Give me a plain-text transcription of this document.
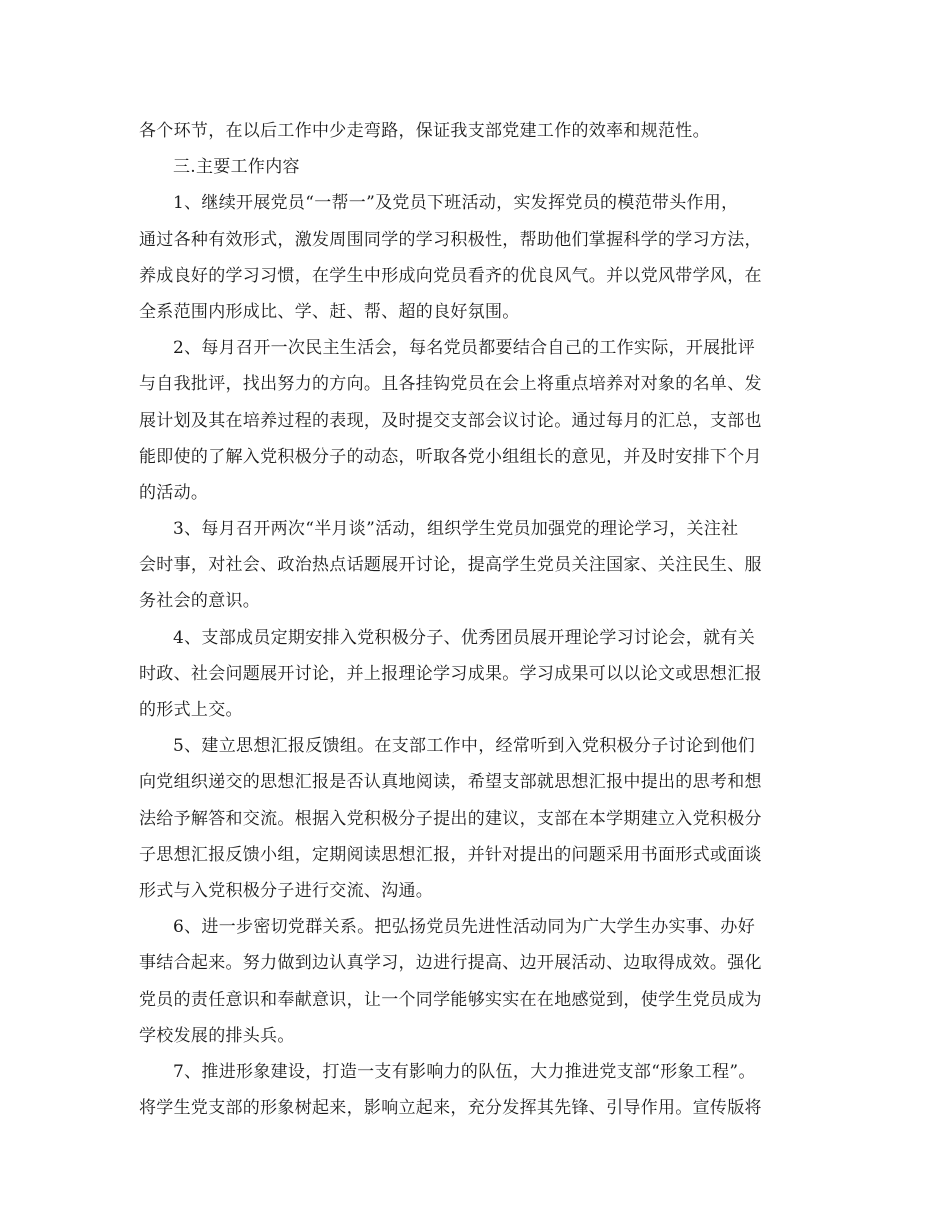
各个环节，在以后工作中少走弯路，保证我支部党建工作的效率和规范性。
三.主要工作内容
1、继续开展党员“一帮一”及党员下班活动，实发挥党员的模范带头作用，
通过各种有效形式，激发周围同学的学习积极性，帮助他们掌握科学的学习方法，
养成良好的学习习惯，在学生中形成向党员看齐的优良风气。并以党风带学风，在
全系范围内形成比、学、赶、帮、超的良好氛围。
2、每月召开一次民主生活会，每名党员都要结合自己的工作实际，开展批评
与自我批评，找出努力的方向。且各挂钩党员在会上将重点培养对对象的名单、发
展计划及其在培养过程的表现，及时提交支部会议讨论。通过每月的汇总，支部也
能即使的了解入党积极分子的动态，听取各党小组组长的意见，并及时安排下个月
的活动。
3、每月召开两次“半月谈”活动，组织学生党员加强党的理论学习，关注社
会时事，对社会、政治热点话题展开讨论，提高学生党员关注国家、关注民生、服
务社会的意识。
4、支部成员定期安排入党积极分子、优秀团员展开理论学习讨论会，就有关
时政、社会问题展开讨论，并上报理论学习成果。学习成果可以以论文或思想汇报
的形式上交。
5、建立思想汇报反馈组。在支部工作中，经常听到入党积极分子讨论到他们
向党组织递交的思想汇报是否认真地阅读，希望支部就思想汇报中提出的思考和想
法给予解答和交流。根据入党积极分子提出的建议，支部在本学期建立入党积极分
子思想汇报反馈小组，定期阅读思想汇报，并针对提出的问题采用书面形式或面谈
形式与入党积极分子进行交流、沟通。
6、进一步密切党群关系。把弘扬党员先进性活动同为广大学生办实事、办好
事结合起来。努力做到边认真学习，边进行提高、边开展活动、边取得成效。强化
党员的责任意识和奉献意识，让一个同学能够实实在在地感觉到，使学生党员成为
学校发展的排头兵。
7、推进形象建设，打造一支有影响力的队伍，大力推进党支部“形象工程”。
将学生党支部的形象树起来，影响立起来，充分发挥其先锋、引导作用。宣传版将
